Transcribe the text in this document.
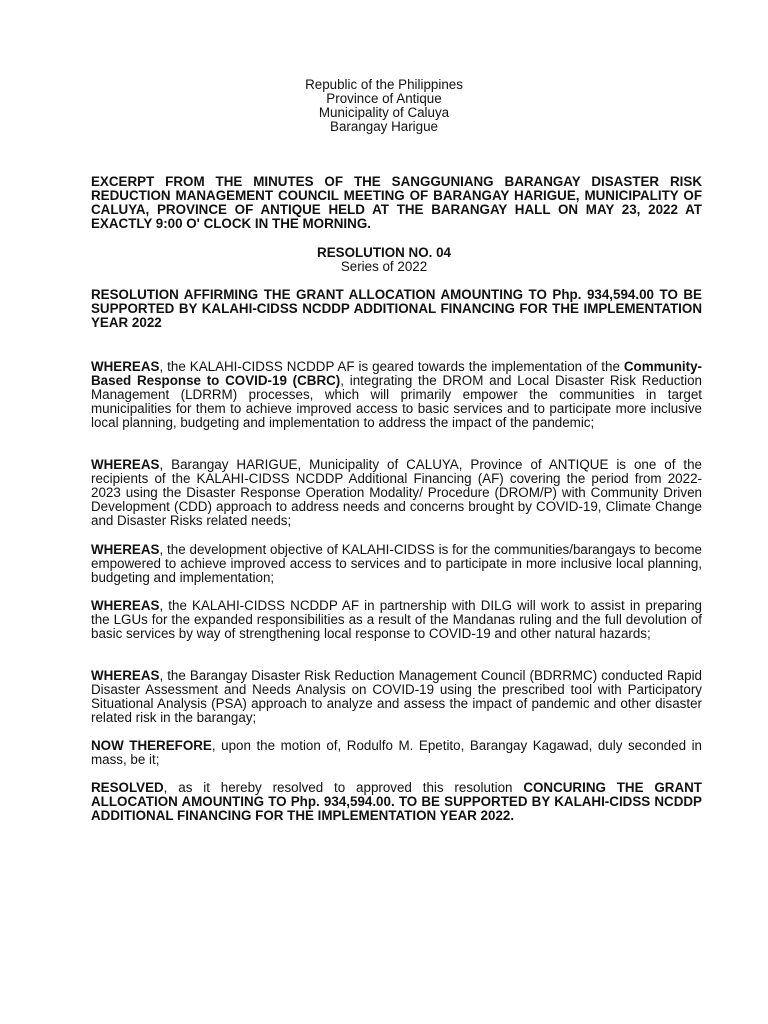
Republic of the Philippines
Province of Antique
Municipality of Caluya
Barangay Harigue
EXCERPT FROM THE MINUTES OF THE SANGGUNIANG BARANGAY DISASTER RISK REDUCTION MANAGEMENT COUNCIL MEETING OF BARANGAY HARIGUE, MUNICIPALITY OF CALUYA, PROVINCE OF ANTIQUE HELD AT THE BARANGAY HALL ON MAY 23, 2022 AT EXACTLY 9:00 O' CLOCK IN THE MORNING.
RESOLUTION NO. 04
Series of 2022
RESOLUTION AFFIRMING THE GRANT ALLOCATION AMOUNTING TO Php. 934,594.00 TO BE SUPPORTED BY KALAHI-CIDSS NCDDP ADDITIONAL FINANCING FOR THE IMPLEMENTATION YEAR 2022

WHEREAS, the KALAHI-CIDSS NCDDP AF is geared towards the implementation of the Community-Based Response to COVID-19 (CBRC), integrating the DROM and Local Disaster Risk Reduction Management (LDRRM) processes, which will primarily empower the communities in target municipalities for them to achieve improved access to basic services and to participate more inclusive local planning, budgeting and implementation to address the impact of the pandemic;

WHEREAS, Barangay HARIGUE, Municipality of CALUYA, Province of ANTIQUE is one of the recipients of the KALAHI-CIDSS NCDDP Additional Financing (AF) covering the period from 2022- 2023 using the Disaster Response Operation Modality/ Procedure (DROM/P) with Community Driven Development (CDD) approach to address needs and concerns brought by COVID-19, Climate Change and Disaster Risks related needs;

WHEREAS, the development objective of KALAHI-CIDSS is for the communities/barangays to become empowered to achieve improved access to services and to participate in more inclusive local planning, budgeting and implementation;

WHEREAS, the KALAHI-CIDSS NCDDP AF in partnership with DILG will work to assist in preparing the LGUs for the expanded responsibilities as a result of the Mandanas ruling and the full devolution of basic services by way of strengthening local response to COVID-19 and other natural hazards;

WHEREAS, the Barangay Disaster Risk Reduction Management Council (BDRRMC) conducted Rapid Disaster Assessment and Needs Analysis on COVID-19 using the prescribed tool with Participatory Situational Analysis (PSA) approach to analyze and assess the impact of pandemic and other disaster related risk in the barangay;

NOW THEREFORE, upon the motion of, Rodulfo M. Epetito, Barangay Kagawad, duly seconded in mass, be it;

RESOLVED, as it hereby resolved to approved this resolution CONCURING THE GRANT ALLOCATION AMOUNTING TO Php. 934,594.00. TO BE SUPPORTED BY KALAHI-CIDSS NCDDP ADDITIONAL FINANCING FOR THE IMPLEMENTATION YEAR 2022.
